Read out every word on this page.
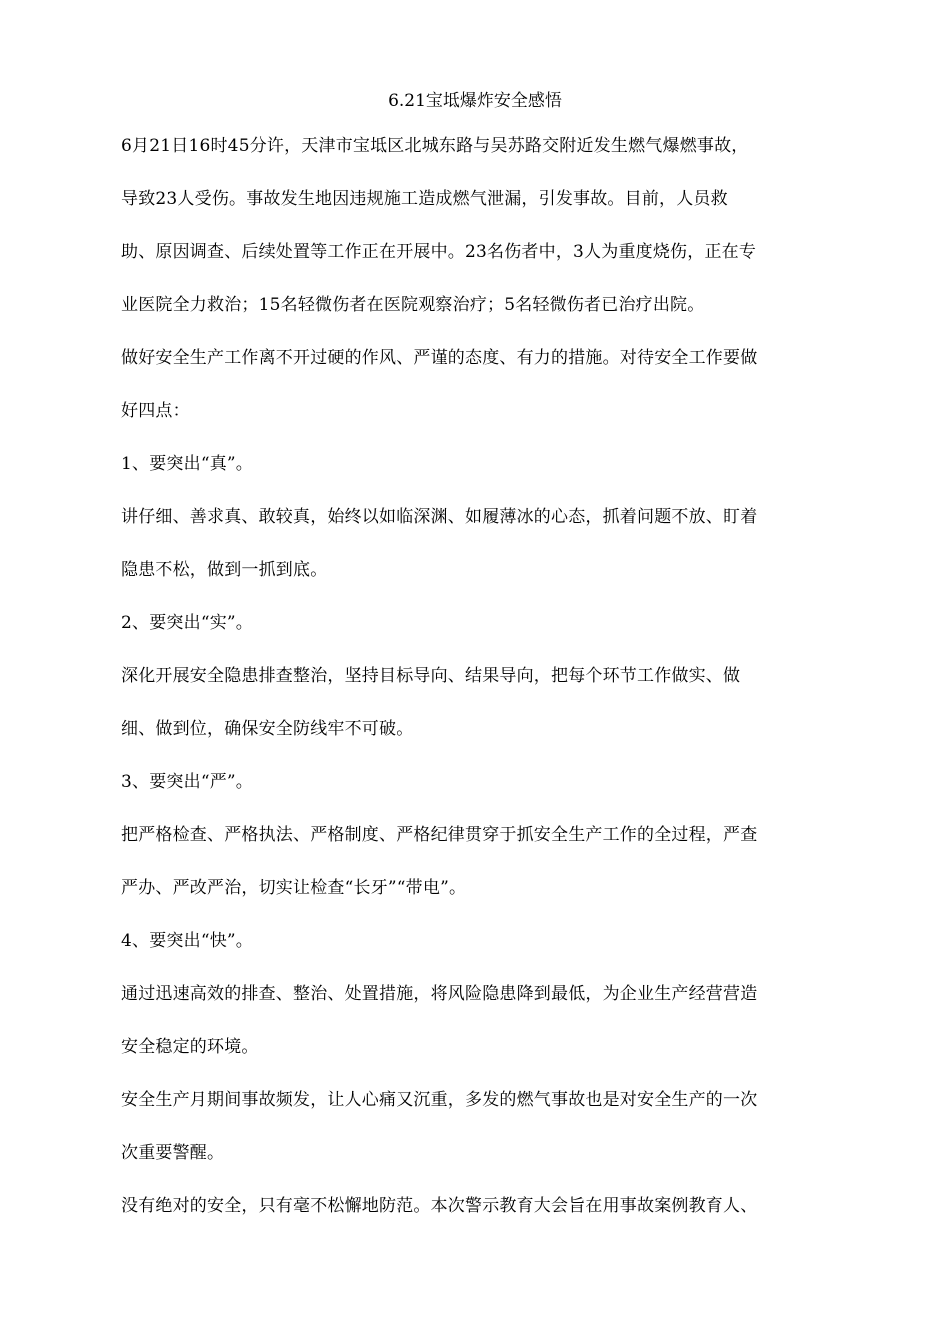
6.21宝坻爆炸安全感悟
6月21日16时45分许，天津市宝坻区北城东路与吴苏路交附近发生燃气爆燃事故，
导致23人受伤。事故发生地因违规施工造成燃气泄漏，引发事故。目前，人员救
助、原因调查、后续处置等工作正在开展中。23名伤者中，3人为重度烧伤，正在专
业医院全力救治；15名轻微伤者在医院观察治疗；5名轻微伤者已治疗出院。
做好安全生产工作离不开过硬的作风、严谨的态度、有力的措施。对待安全工作要做
好四点：
1、要突出“真”。
讲仔细、善求真、敢较真，始终以如临深渊、如履薄冰的心态，抓着问题不放、盯着
隐患不松，做到一抓到底。
2、要突出“实”。
深化开展安全隐患排查整治，坚持目标导向、结果导向，把每个环节工作做实、做
细、做到位，确保安全防线牢不可破。
3、要突出“严”。
把严格检查、严格执法、严格制度、严格纪律贯穿于抓安全生产工作的全过程，严查
严办、严改严治，切实让检查“长牙”“带电”。
4、要突出“快”。
通过迅速高效的排查、整治、处置措施，将风险隐患降到最低，为企业生产经营营造
安全稳定的环境。
安全生产月期间事故频发，让人心痛又沉重，多发的燃气事故也是对安全生产的一次
次重要警醒。
没有绝对的安全，只有毫不松懈地防范。本次警示教育大会旨在用事故案例教育人、
